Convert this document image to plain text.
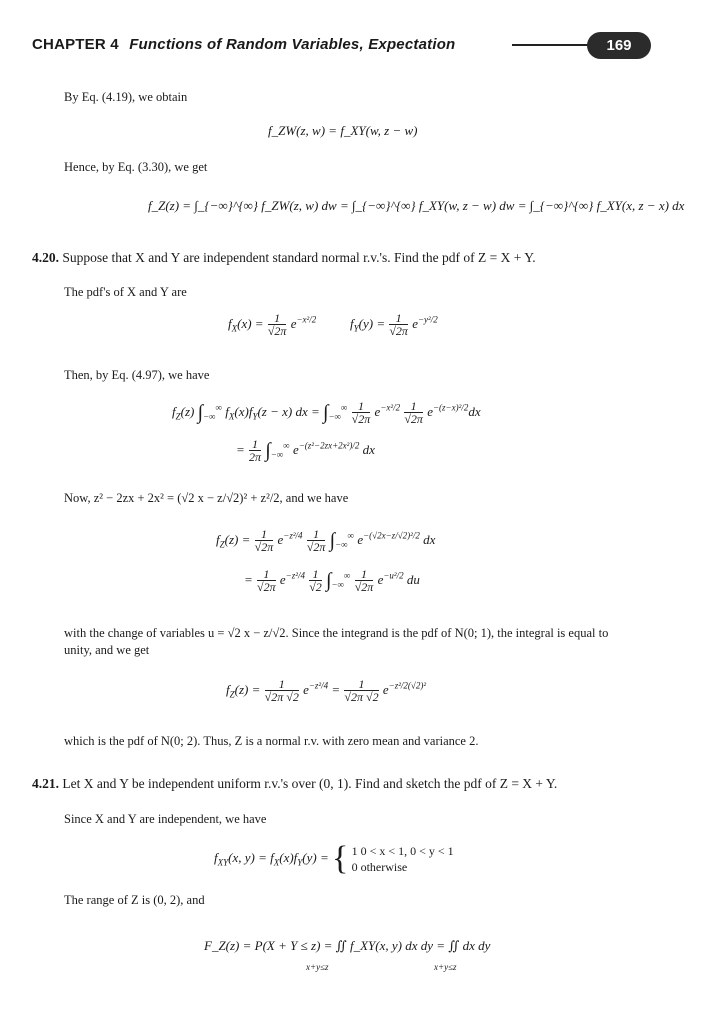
CHAPTER 4 Functions of Random Variables, Expectation	169
By Eq. (4.19), we obtain
f_ZW(z, w) = f_XY(w, z − w)
Hence, by Eq. (3.30), we get
f_Z(z) = ∫_{−∞}^{∞} f_ZW(z, w) dw = ∫_{−∞}^{∞} f_XY(w, z − w) dw = ∫_{−∞}^{∞} f_XY(x, z − x) dx
4.20. Suppose that X and Y are independent standard normal r.v.'s. Find the pdf of Z = X + Y.
The pdf's of X and Y are
$f_X(x) = \frac{1}{√2\pi} e^{-x^2/2}$	$f_Y(y) = \frac{1}{√2\pi} e^{-y^2/2}$
Then, by Eq. (4.97), we have
$f_Z(z)$ $\int_{-\infty}^\infty$ $f_X(x)f_Y(z - x)$ dx = $\int_{-\infty}^\infty \frac{1}{√2\pi} e^{-x^2/2} \frac{1}{√2\pi} e^{-(z-x)^2/2}dx$
= $\frac{1}{2\pi} \int_{-\infty}^\infty$ $e^{-(z^2-2zx+2x^2)/2}$ dx
Now, z² − 2zx + 2x² = (√2 x − z/√2)² + z²/2, and we have
$f_Z(z) = \frac{1}{√2\pi} e^{-z^2/4} \frac{1}{√2\pi} \int_{-\infty}^\infty$ $e^{-(√2x-z/√2)^2/2}$ dx
= $\frac{1}{√2\pi} e^{-z^2/4} \frac{1}{√2} \int_{-\infty}^\infty \frac{1}{√2\pi} e^{-u^2/2}$ du
with the change of variables u = √2 x − z/√2. Since the integrand is the pdf of N(0; 1), the integral is equal to
unity, and we get
$f_Z(z) = \frac{1}{√2\pi √2} e^{-z^2/4} = \frac{1}{√2\pi √2} e^{-z^2/2(√2)^2}$
which is the pdf of N(0; 2). Thus, Z is a normal r.v. with zero mean and variance 2.
4.21. Let X and Y be independent uniform r.v.'s over (0, 1). Find and sketch the pdf of Z = X + Y.
Since X and Y are independent, we have
$f_{XY}(x$, $y) = f_X(x)f_Y(y)$ = { 1 0 < x < 1, 0 < y < 1
0 otherwise
The range of Z is (0, 2), and
F_Z(z) = P(X + Y ≤ z) = ∬ f_XY(x, y) dx dy = ∬ dx dy
x+y≤z	x+y≤z
